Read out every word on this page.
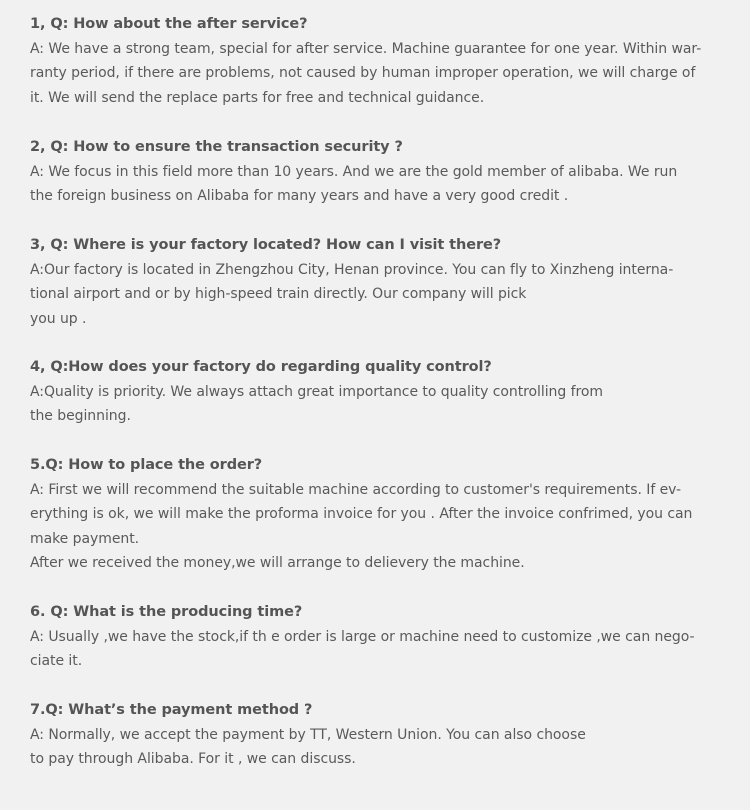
1, Q: How about the after service?
A: We have a strong team, special for after service. Machine guarantee for one year. Within war-
ranty period, if there are problems, not caused by human improper operation, we will charge of
it. We will send the replace parts for free and technical guidance.
2, Q: How to ensure the transaction security ?
A: We focus in this field more than 10 years. And we are the gold member of alibaba. We run
the foreign business on Alibaba for many years and have a very good credit .
3, Q: Where is your factory located? How can I visit there?
A:Our factory is located in Zhengzhou City, Henan province. You can fly to Xinzheng interna-
tional airport and or by high-speed train directly. Our company will pick
you up .
4, Q:How does your factory do regarding quality control?
A:Quality is priority. We always attach great importance to quality controlling from
the beginning.
5.Q: How to place the order?
A: First we will recommend the suitable machine according to customer's requirements. If ev-
erything is ok, we will make the proforma invoice for you . After the invoice confrimed, you can
make payment.
After we received the money,we will arrange to delievery the machine.
6. Q: What is the producing time?
A: Usually ,we have the stock,if th e order is large or machine need to customize ,we can nego-
ciate it.
7.Q: What’s the payment method ?
A: Normally, we accept the payment by TT, Western Union. You can also choose
to pay through Alibaba. For it , we can discuss.
